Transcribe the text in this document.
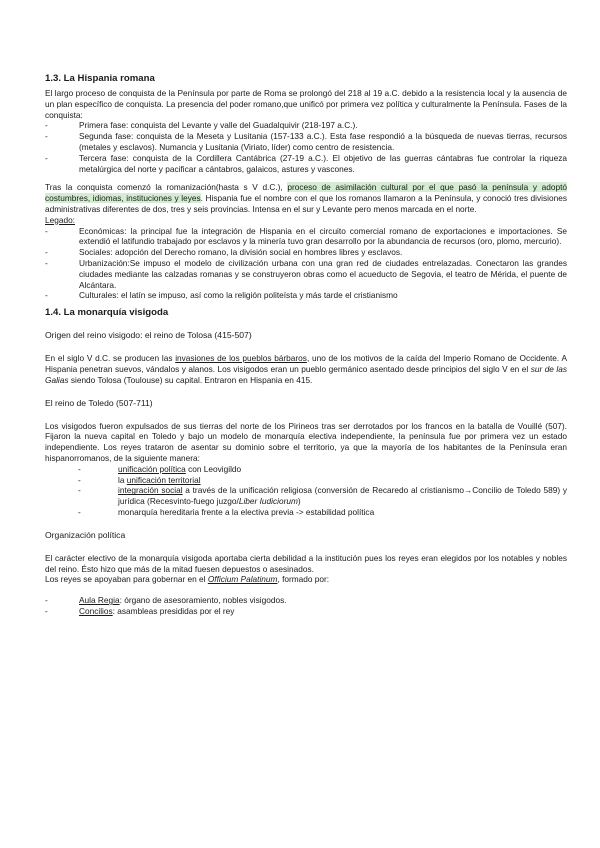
1.3. La Hispania romana

El largo proceso de conquista de la Península por parte de Roma se prolongó del 218 al 19 a.C. debido a la resistencia local y la ausencia de un plan específico de conquista. La presencia del poder romano,que unificó por primera vez política y culturalmente la Península. Fases de la conquista:

-	Primera fase: conquista del Levante y valle del Guadalquivir (218-197 a.C.).
-	Segunda fase: conquista de la Meseta y Lusitania (157-133 a.C.). Esta fase respondió a la búsqueda de nuevas tierras, recursos (metales y esclavos). Numancia y Lusitania (Viriato, líder) como centro de resistencia.
-	Tercera fase: conquista de la Cordillera Cantábrica (27-19 a.C.). El objetivo de las guerras cántabras fue controlar la riqueza metalúrgica del norte y pacificar a cántabros, galaicos, astures y vascones.

Tras la conquista comenzó la romanización(hasta s V d.C.), proceso de asimilación cultural por el que pasó la península y adoptó costumbres, idiomas, instituciones y leyes. Hispania fue el nombre con el que los romanos llamaron a la Península, y conoció tres divisiones administrativas diferentes de dos, tres y seis provincias. Intensa en el sur y Levante pero menos marcada en el norte.

Legado:

-	Económicas: la principal fue la integración de Hispania en el circuito comercial romano de exportaciones e importaciones. Se extendió el latifundio trabajado por esclavos y la minería tuvo gran desarrollo por la abundancia de recursos (oro, plomo, mercurio).
-	Sociales: adopción del Derecho romano, la división social en hombres libres y esclavos.
-	Urbanización:Se impuso el modelo de civilización urbana con una gran red de ciudades entrelazadas. Conectaron las grandes ciudades mediante las calzadas romanas y se construyeron obras como el acueducto de Segovia, el teatro de Mérida, el puente de Alcántara.
-	Culturales: el latín se impuso, así como la religión politeísta y más tarde el cristianismo
1.4. La monarquía visigoda
Origen del reino visigodo: el reino de Tolosa (415-507)

En el siglo V d.C. se producen las invasiones de los pueblos bárbaros, uno de los motivos de la caída del Imperio Romano de Occidente. A Hispania penetran suevos, vándalos y alanos. Los visigodos eran un pueblo germánico asentado desde principios del siglo V en el sur de las Galias siendo Tolosa (Toulouse) su capital. Entraron en Hispania en 415.

El reino de Toledo (507-711)

Los visigodos fueron expulsados de sus tierras del norte de los Pirineos tras ser derrotados por los francos en la batalla de Vouillé (507). Fijaron la nueva capital en Toledo y bajo un modelo de monarquía electiva independiente, la península fue por primera vez un estado independiente. Los reyes trataron de asentar su dominio sobre el territorio, ya que la mayoría de los habitantes de la Península eran hispanorromanos, de la siguiente manera:

-	unificación política con Leovigildo
-	la unificación territorial
-	integración social a través de la unificación religiosa (conversión de Recaredo al cristianismo→Concilio de Toledo 589) y jurídica (Recesvinto-fuego juzgo/Liber Iudiciorum)
-	monarquía hereditaria frente a la electiva previa -> estabilidad política
Organización política

El carácter electivo de la monarquía visigoda aportaba cierta debilidad a la institución pues los reyes eran elegidos por los notables y nobles del reino. Ésto hizo que más de la mitad fuesen depuestos o asesinados.

Los reyes se apoyaban para gobernar en el Officium Palatinum, formado por:

-	Aula Regia: órgano de asesoramiento, nobles visigodos.
-	Concilios: asambleas presididas por el rey
